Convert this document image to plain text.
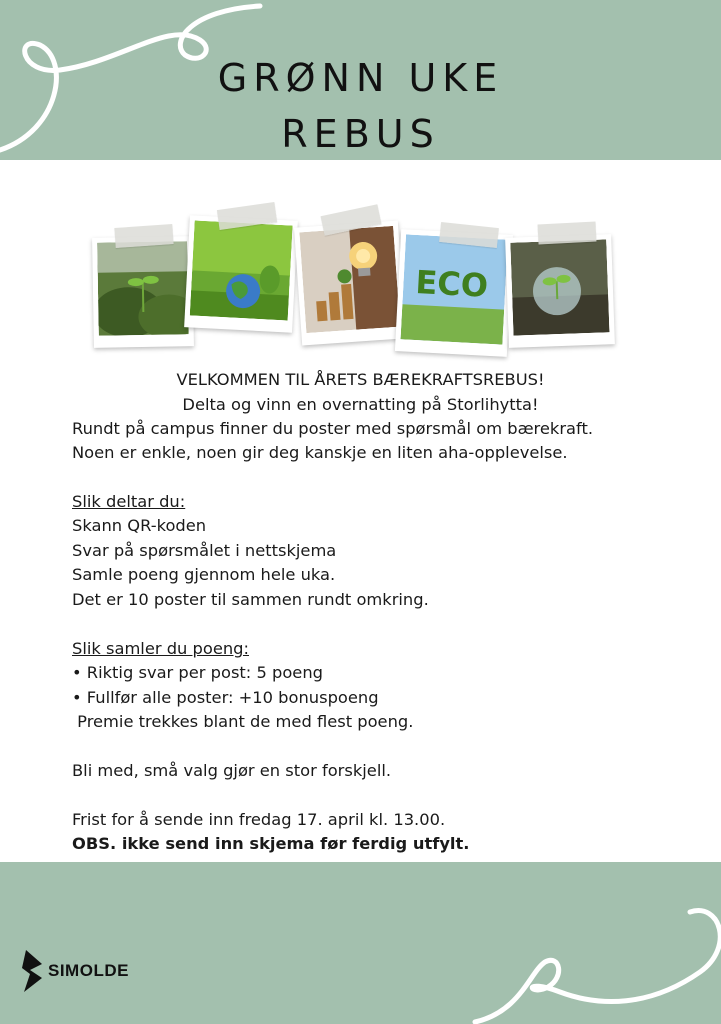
GRØNN UKE
REBUS
ECO
VELKOMMEN TIL ÅRETS BÆREKRAFTSREBUS!
Delta og vinn en overnatting på Storlihytta!
Rundt på campus finner du poster med spørsmål om bærekraft.
Noen er enkle, noen gir deg kanskje en liten aha-opplevelse.
Slik deltar du:
Skann QR-koden
Svar på spørsmålet i nettskjema
Samle poeng gjennom hele uka.
Det er 10 poster til sammen rundt omkring.
Slik samler du poeng:
• Riktig svar per post: 5 poeng
• Fullfør alle poster: +10 bonuspoeng
Premie trekkes blant de med flest poeng.
Bli med, små valg gjør en stor forskjell.
Frist for å sende inn fredag 17. april kl. 13.00.
OBS. ikke send inn skjema før ferdig utfylt.
SIMOLDE
